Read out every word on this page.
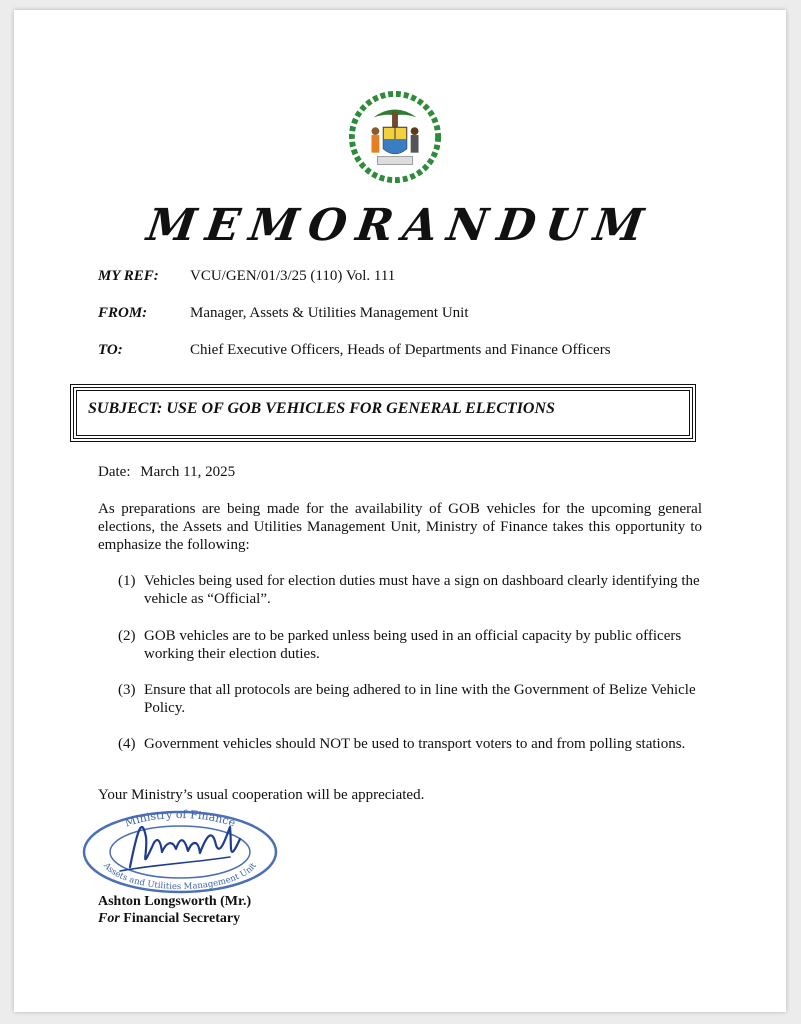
MEMORANDUM
MY REF:	VCU/GEN/01/3/25 (110) Vol. 111
FROM:	Manager, Assets & Utilities Management Unit
TO:	Chief Executive Officers, Heads of Departments and Finance Officers
SUBJECT: USE OF GOB VEHICLES FOR GENERAL ELECTIONS
Date: March 11, 2025
As preparations are being made for the availability of GOB vehicles for the upcoming general elections, the Assets and Utilities Management Unit, Ministry of Finance takes this opportunity to emphasize the following:
(1) Vehicles being used for election duties must have a sign on dashboard clearly identifying the vehicle as “Official”.
(2) GOB vehicles are to be parked unless being used in an official capacity by public officers working their election duties.
(3) Ensure that all protocols are being adhered to in line with the Government of Belize Vehicle Policy.
(4) Government vehicles should NOT be used to transport voters to and from polling stations.
Your Ministry’s usual cooperation will be appreciated.
Ministry of Finance
Assets and Utilities Management Unit
Ashton Longsworth (Mr.)
For Financial Secretary
